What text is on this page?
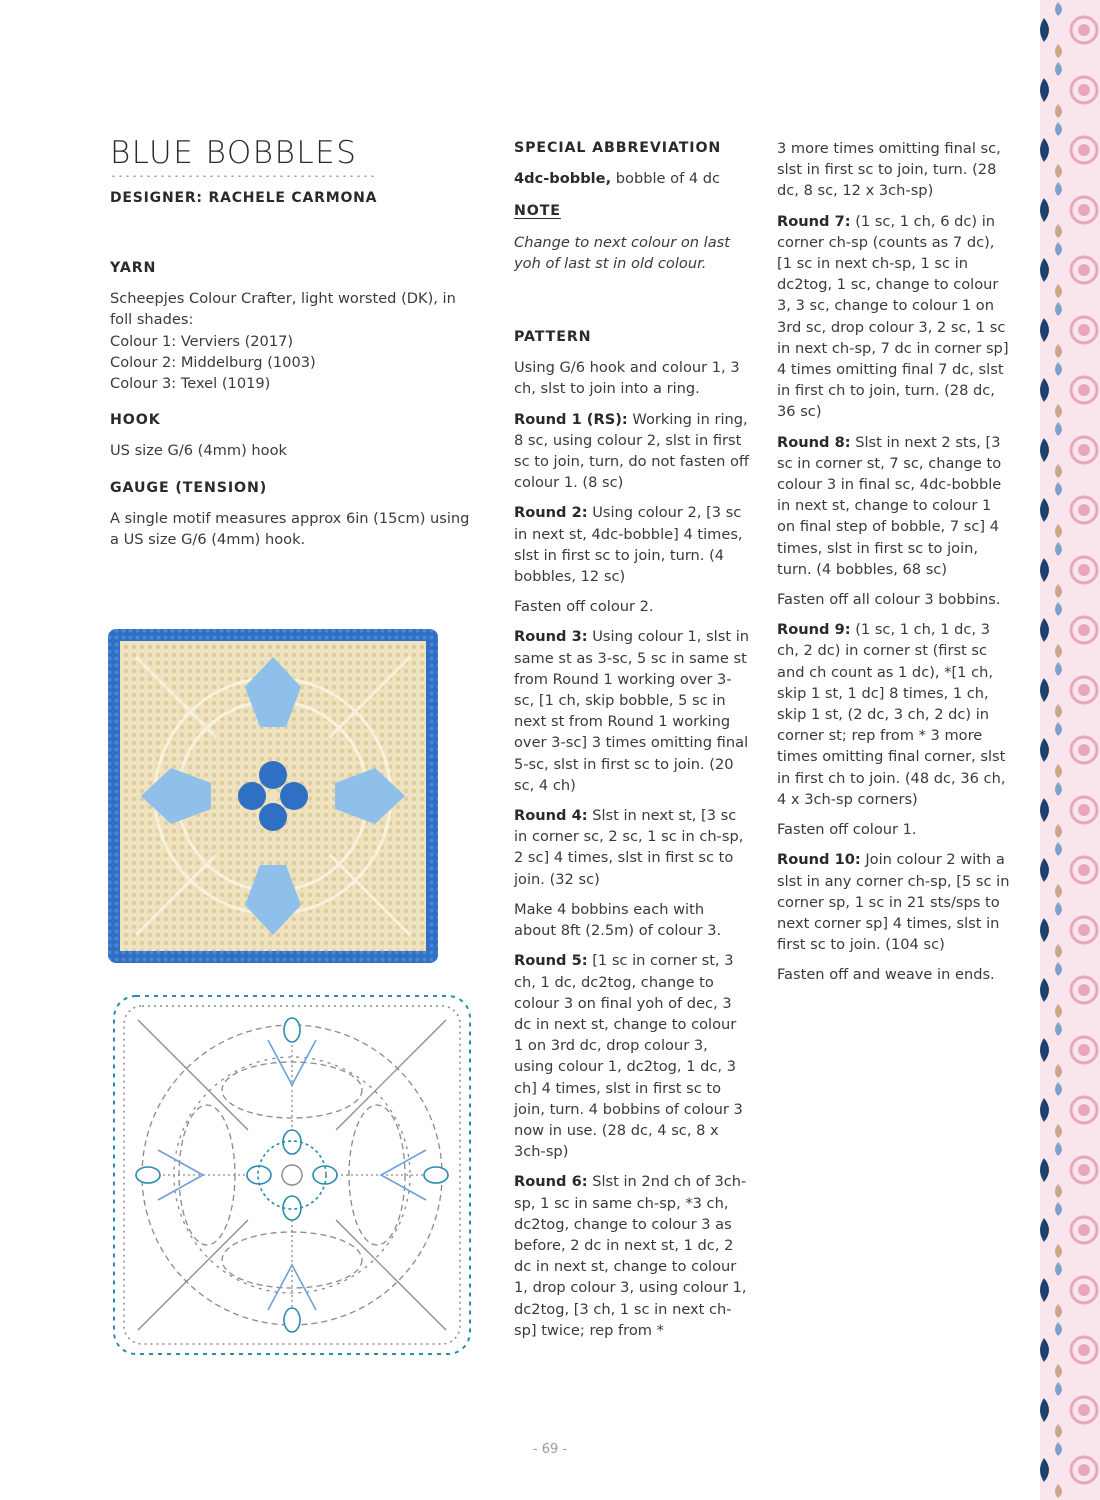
BLUE BOBBLES
DESIGNER: RACHELE CARMONA
YARN

Scheepjes Colour Crafter, light worsted (DK), in foll shades:
Colour 1: Verviers (2017)
Colour 2: Middelburg (1003)
Colour 3: Texel (1019)

HOOK

US size G/6 (4mm) hook

GAUGE (TENSION)

A single motif measures approx 6in (15cm) using a US size G/6 (4mm) hook.

SPECIAL ABBREVIATION

4dc-bobble, bobble of 4 dc

NOTE

Change to next colour on last yoh of last st in old colour.

PATTERN

Using G/6 hook and colour 1, 3 ch, slst to join into a ring.

Round 1 (RS): Working in ring, 8 sc, using colour 2, slst in first sc to join, turn, do not fasten off colour 1. (8 sc)

Round 2: Using colour 2, [3 sc in next st, 4dc-bobble] 4 times, slst in first sc to join, turn. (4 bobbles, 12 sc)

Fasten off colour 2.

Round 3: Using colour 1, slst in same st as 3-sc, 5 sc in same st from Round 1 working over 3-sc, [1 ch, skip bobble, 5 sc in next st from Round 1 working over 3-sc] 3 times omitting final 5-sc, slst in first sc to join. (20 sc, 4 ch)

Round 4: Slst in next st, [3 sc in corner sc, 2 sc, 1 sc in ch-sp, 2 sc] 4 times, slst in first sc to join. (32 sc)

Make 4 bobbins each with about 8ft (2.5m) of colour 3.

Round 5: [1 sc in corner st, 3 ch, 1 dc, dc2tog, change to colour 3 on final yoh of dec, 3 dc in next st, change to colour 1 on 3rd dc, drop colour 3, using colour 1, dc2tog, 1 dc, 3 ch] 4 times, slst in first sc to join, turn. 4 bobbins of colour 3 now in use. (28 dc, 4 sc, 8 x 3ch-sp)

Round 6: Slst in 2nd ch of 3ch-sp, 1 sc in same ch-sp, *3 ch, dc2tog, change to colour 3 as before, 2 dc in next st, 1 dc, 2 dc in next st, change to colour 1, drop colour 3, using colour 1, dc2tog, [3 ch, 1 sc in next ch-sp] twice; rep from *

3 more times omitting final sc, slst in first sc to join, turn. (28 dc, 8 sc, 12 x 3ch-sp)

Round 7: (1 sc, 1 ch, 6 dc) in corner ch-sp (counts as 7 dc), [1 sc in next ch-sp, 1 sc in dc2tog, 1 sc, change to colour 3, 3 sc, change to colour 1 on 3rd sc, drop colour 3, 2 sc, 1 sc in next ch-sp, 7 dc in corner sp] 4 times omitting final 7 dc, slst in first ch to join, turn. (28 dc, 36 sc)

Round 8: Slst in next 2 sts, [3 sc in corner st, 7 sc, change to colour 3 in final sc, 4dc-bobble in next st, change to colour 1 on final step of bobble, 7 sc] 4 times, slst in first sc to join, turn. (4 bobbles, 68 sc)

Fasten off all colour 3 bobbins.

Round 9: (1 sc, 1 ch, 1 dc, 3 ch, 2 dc) in corner st (first sc and ch count as 1 dc), *[1 ch, skip 1 st, 1 dc] 8 times, 1 ch, skip 1 st, (2 dc, 3 ch, 2 dc) in corner st; rep from * 3 more times omitting final corner, slst in first ch to join. (48 dc, 36 ch, 4 x 3ch-sp corners)

Fasten off colour 1.

Round 10: Join colour 2 with a slst in any corner ch-sp, [5 sc in corner sp, 1 sc in 21 sts/sps to next corner sp] 4 times, slst in first sc to join. (104 sc)

Fasten off and weave in ends.

- 69 -
